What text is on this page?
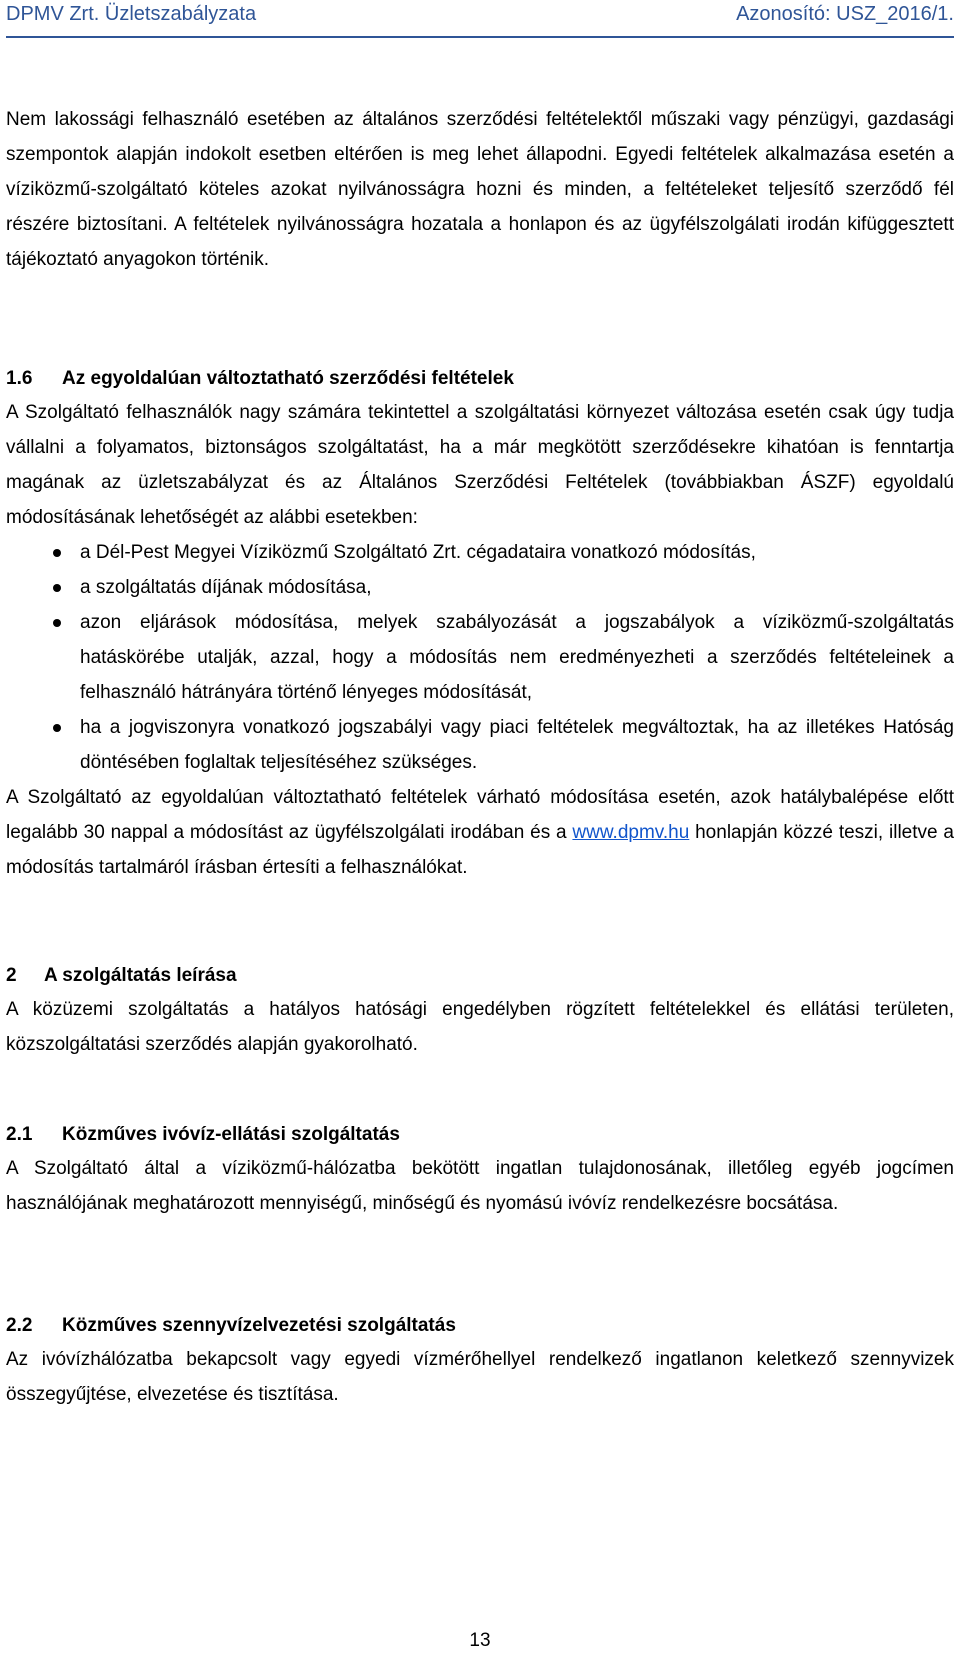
DPMV Zrt. Üzletszabályzata	Azonosító: USZ_2016/1.
Nem lakossági felhasználó esetében az általános szerződési feltételektől műszaki vagy pénzügyi, gazdasági szempontok alapján indokolt esetben eltérően is meg lehet állapodni. Egyedi feltételek alkalmazása esetén a víziközmű-szolgáltató köteles azokat nyilvánosságra hozni és minden, a feltételeket teljesítő szerződő fél részére biztosítani. A feltételek nyilvánosságra hozatala a honlapon és az ügyfélszolgálati irodán kifüggesztett tájékoztató anyagokon történik.
1.6 Az egyoldalúan változtatható szerződési feltételek
A Szolgáltató felhasználók nagy számára tekintettel a szolgáltatási környezet változása esetén csak úgy tudja vállalni a folyamatos, biztonságos szolgáltatást, ha a már megkötött szerződésekre kihatóan is fenntartja magának az üzletszabályzat és az Általános Szerződési Feltételek (továbbiakban ÁSZF) egyoldalú módosításának lehetőségét az alábbi esetekben:
a Dél-Pest Megyei Víziközmű Szolgáltató Zrt. cégadataira vonatkozó módosítás,
a szolgáltatás díjának módosítása,
azon eljárások módosítása, melyek szabályozását a jogszabályok a víziközmű-szolgáltatás hatáskörébe utalják, azzal, hogy a módosítás nem eredményezheti a szerződés feltételeinek a felhasználó hátrányára történő lényeges módosítását,
ha a jogviszonyra vonatkozó jogszabályi vagy piaci feltételek megváltoztak, ha az illetékes Hatóság döntésében foglaltak teljesítéséhez szükséges.
A Szolgáltató az egyoldalúan változtatható feltételek várható módosítása esetén, azok hatálybalépése előtt legalább 30 nappal a módosítást az ügyfélszolgálati irodában és a www.dpmv.hu honlapján közzé teszi, illetve a módosítás tartalmáról írásban értesíti a felhasználókat.
2 A szolgáltatás leírása
A közüzemi szolgáltatás a hatályos hatósági engedélyben rögzített feltételekkel és ellátási területen, közszolgáltatási szerződés alapján gyakorolható.
2.1 Közműves ivóvíz-ellátási szolgáltatás
A Szolgáltató által a víziközmű-hálózatba bekötött ingatlan tulajdonosának, illetőleg egyéb jogcímen használójának meghatározott mennyiségű, minőségű és nyomású ivóvíz rendelkezésre bocsátása.
2.2 Közműves szennyvízelvezetési szolgáltatás
Az ivóvízhálózatba bekapcsolt vagy egyedi vízmérőhellyel rendelkező ingatlanon keletkező szennyvizek összegyűjtése, elvezetése és tisztítása.
13
